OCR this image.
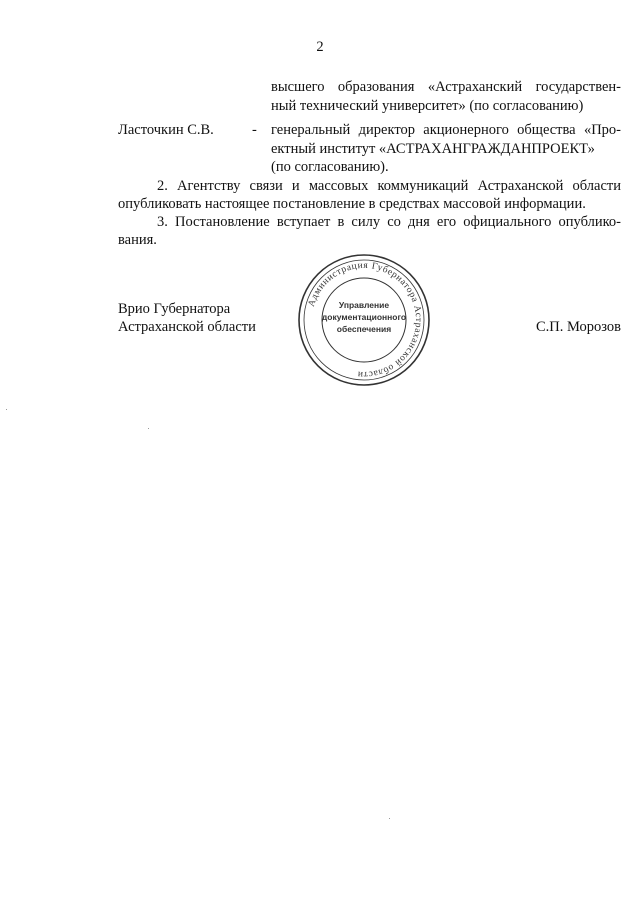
2
высшего образования «Астраханский государствен-
ный технический университет» (по согласованию)
Ласточкин С.В.	- генеральный директор акционерного общества «Про-
ектный институт «АСТРАХАНГРАЖДАНПРОЕКТ»
(по согласованию).
2. Агентству связи и массовых коммуникаций Астраханской области
опубликовать настоящее постановление в средствах массовой информации.
3. Постановление вступает в силу со дня его официального опублико-
вания.
Врио Губернатора
Астраханской области	С.П. Морозов
Администрация Губернатора Астраханской области
Управление
документационного
обеспечения
